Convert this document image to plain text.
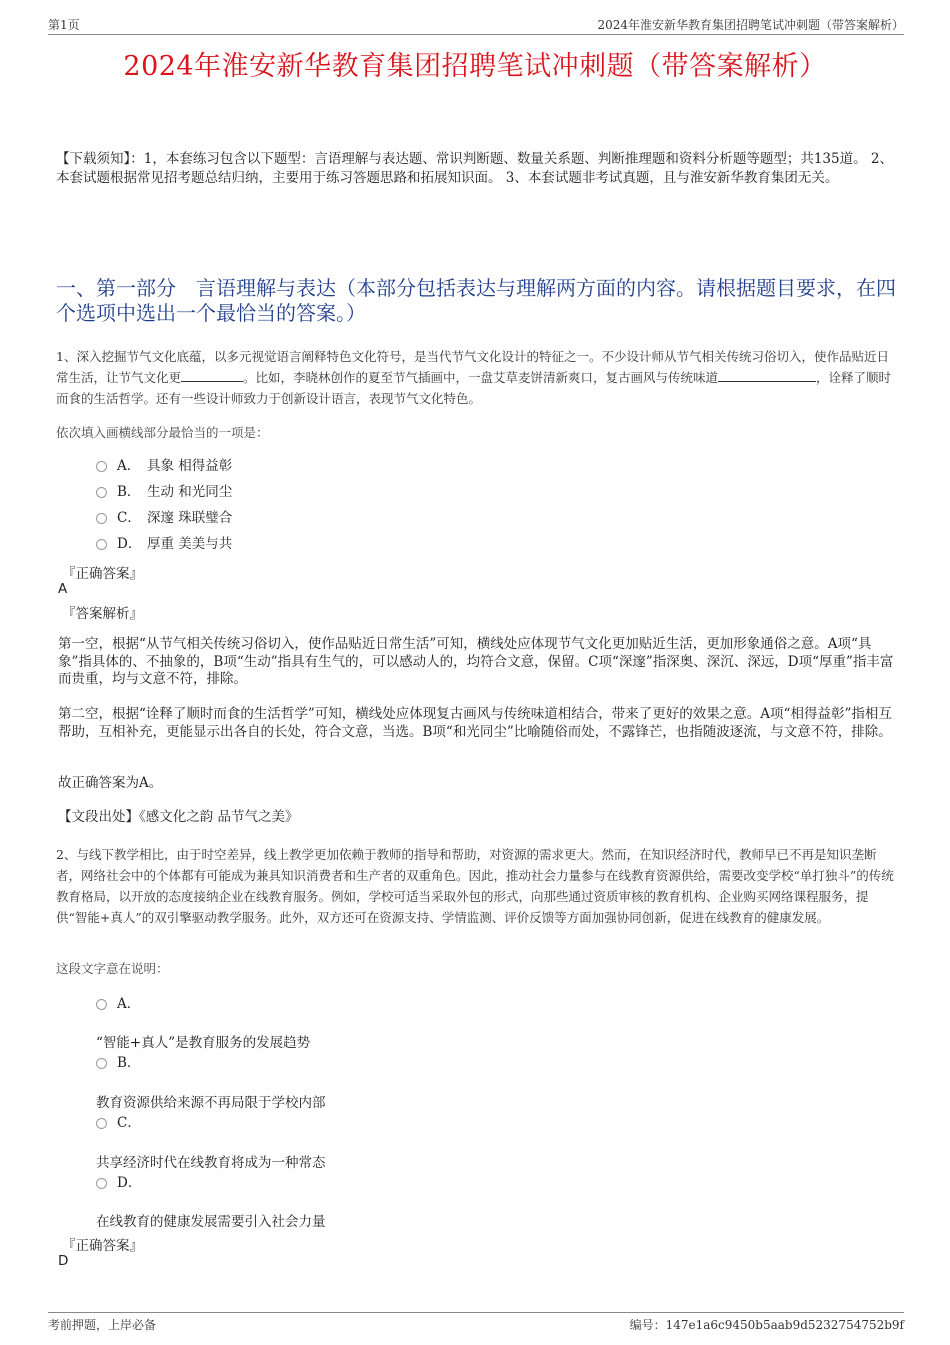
第1页	2024年淮安新华教育集团招聘笔试冲刺题（带答案解析）
2024年淮安新华教育集团招聘笔试冲刺题（带答案解析）
【下载须知】：1，本套练习包含以下题型：言语理解与表达题、常识判断题、数量关系题、判断推理题和资料分析题等题型；共135道。 2、本套试题根据常见招考题总结归纳，主要用于练习答题思路和拓展知识面。 3、本套试题非考试真题，且与淮安新华教育集团无关。
一、第一部分　言语理解与表达（本部分包括表达与理解两方面的内容。请根据题目要求，在四个选项中选出一个最恰当的答案。）
1、深入挖掘节气文化底蕴，以多元视觉语言阐释特色文化符号，是当代节气文化设计的特征之一。不少设计师从节气相关传统习俗切入，使作品贴近日常生活，让节气文化更	。比如，李晓林创作的夏至节气插画中，一盘艾草麦饼清新爽口，复古画风与传统味道	，诠释了顺时而食的生活哲学。还有一些设计师致力于创新设计语言，表现节气文化特色。
依次填入画横线部分最恰当的一项是：
A． 具象 相得益彰
B． 生动 和光同尘
C． 深邃 珠联璧合
D． 厚重 美美与共
『正确答案』
A
『答案解析』
第一空，根据“从节气相关传统习俗切入，使作品贴近日常生活”可知，横线处应体现节气文化更加贴近生活，更加形象通俗之意。A项“具象”指具体的、不抽象的，B项“生动”指具有生气的，可以感动人的，均符合文意，保留。C项“深邃”指深奥、深沉、深远，D项“厚重”指丰富而贵重，均与文意不符，排除。
第二空，根据“诠释了顺时而食的生活哲学”可知，横线处应体现复古画风与传统味道相结合，带来了更好的效果之意。A项“相得益彰”指相互帮助，互相补充，更能显示出各自的长处，符合文意，当选。B项“和光同尘”比喻随俗而处，不露锋芒，也指随波逐流，与文意不符，排除。
故正确答案为A。
【文段出处】《感文化之韵 品节气之美》
2、与线下教学相比，由于时空差异，线上教学更加依赖于教师的指导和帮助，对资源的需求更大。然而，在知识经济时代，教师早已不再是知识垄断者，网络社会中的个体都有可能成为兼具知识消费者和生产者的双重角色。因此，推动社会力量参与在线教育资源供给，需要改变学校“单打独斗”的传统教育格局，以开放的态度接纳企业在线教育服务。例如，学校可适当采取外包的形式，向那些通过资质审核的教育机构、企业购买网络课程服务，提供“智能+真人”的双引擎驱动教学服务。此外，双方还可在资源支持、学情监测、评价反馈等方面加强协同创新，促进在线教育的健康发展。
这段文字意在说明：
A．
“智能+真人”是教育服务的发展趋势
B．
教育资源供给来源不再局限于学校内部
C．
共享经济时代在线教育将成为一种常态
D．
在线教育的健康发展需要引入社会力量
『正确答案』
D
考前押题，上岸必备	编号：147e1a6c9450b5aab9d5232754752b9f
